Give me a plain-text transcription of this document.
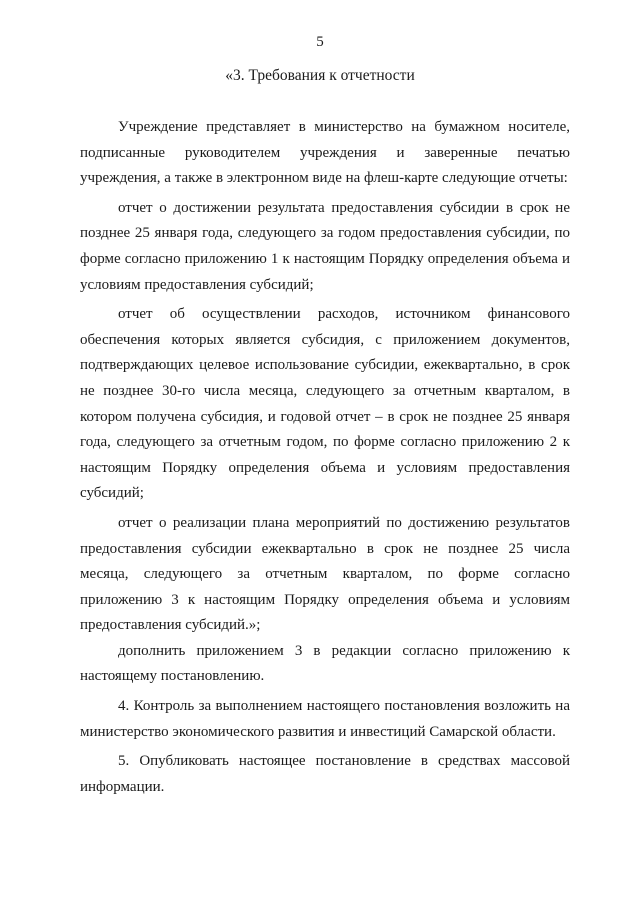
5
«3. Требования к отчетности

Учреждение представляет в министерство на бумажном носителе, подписанные руководителем учреждения и заверенные печатью учреждения, а также в электронном виде на флеш-карте следующие отчеты:

отчет о достижении результата предоставления субсидии в срок не позднее 25 января года, следующего за годом предоставления субсидии, по форме согласно приложению 1 к настоящим Порядку определения объема и условиям предоставления субсидий;

отчет об осуществлении расходов, источником финансового обеспечения которых является субсидия, с приложением документов, подтверждающих целевое использование субсидии, ежеквартально, в срок не позднее 30-го числа месяца, следующего за отчетным кварталом, в котором получена субсидия, и годовой отчет – в срок не позднее 25 января года, следующего за отчетным годом, по форме согласно приложению 2 к настоящим Порядку определения объема и условиям предоставления субсидий;

отчет о реализации плана мероприятий по достижению результатов предоставления субсидии ежеквартально в срок не позднее 25 числа месяца, следующего за отчетным кварталом, по форме согласно приложению 3 к настоящим Порядку определения объема и условиям предоставления субсидий.»;

дополнить приложением 3 в редакции согласно приложению к настоящему постановлению.

4. Контроль за выполнением настоящего постановления возложить на министерство экономического развития и инвестиций Самарской области.

5. Опубликовать настоящее постановление в средствах массовой информации.
